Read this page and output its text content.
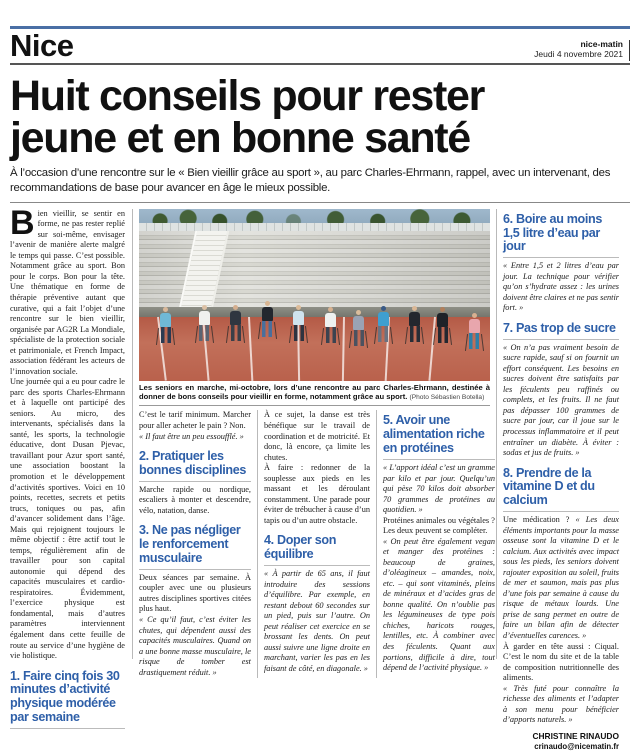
Nice	nice-matin
Jeudi 4 novembre 2021
Huit conseils pour rester
jeune et en bonne santé
À l’occasion d’une rencontre sur le « Bien vieillir grâce au sport », au parc Charles-Ehrmann, rappel, avec un intervenant, des recommandations de base pour avancer en âge le mieux possible.

Bien vieillir, se sentir en forme, ne pas rester replié sur soi-même, envisager l’avenir de manière alerte malgré le temps qui passe. C’est possible. Notamment grâce au sport. Bon pour le corps. Bon pour la tête. Une thématique en forme de thérapie préventive autant que curative, qui a fait l’objet d’une rencontre sur le bien vieillir, organisée par AG2R La Mondiale, spécialiste de la protection sociale et patrimoniale, et French Impact, association fédérant les acteurs de l’innovation sociale.

Une journée qui a eu pour cadre le parc des sports Charles-Ehrmann et à laquelle ont participé des seniors. Au micro, des intervenants, spécialisés dans la santé, les sports, la technologie éducative, dont Dusan Pjevac, travaillant pour Azur sport santé, une association boostant la promotion et le développement d’activités sportives. Voici en 10 points, recettes, secrets et petits trucs, toniques ou pas, afin d’avancer solidement dans l’âge. Mais qui rejoignent toujours le même objectif : être actif tout le temps, régulièrement afin de travailler pour son capital autonomie qui dépend des capacités musculaires et cardio-respiratoires. Évidemment, l’exercice physique est fondamental, mais d’autres paramètres interviennent également dans cette feuille de route au service d’une hygiène de vie holistique.

1. Faire cinq fois 30 minutes d’activité physique modérée par semaine
Les seniors en marche, mi-octobre, lors d’une rencontre au parc Charles-Ehrmann, destinée à donner de bons conseils pour vieillir en forme, notamment grâce au sport. (Photo Sébastien Botella)

C’est le tarif minimum. Marcher pour aller acheter le pain ? Non.

« Il faut être un peu essoufflé. »

2. Pratiquer les bonnes disciplines

Marche rapide ou nordique, escaliers à monter et descendre, vélo, natation, danse.

3. Ne pas négliger le renforcement musculaire

Deux séances par semaine. À coupler avec une ou plusieurs autres disciplines sportives citées plus haut.

« Ce qu’il faut, c’est éviter les chutes, qui dépendent aussi des capacités musculaires. Quand on a une bonne masse musculaire, le risque de tomber est drastiquement réduit. »

À ce sujet, la danse est très bénéfique sur le travail de coordination et de motricité. Et donc, là encore, ça limite les chutes.

À faire : redonner de la souplesse aux pieds en les massant et les déroulant constamment. Une parade pour éviter de trébucher à cause d’un tapis ou d’un autre obstacle.

4. Doper son équilibre

« À partir de 65 ans, il faut introduire des sessions d’équilibre. Par exemple, en restant debout 60 secondes sur un pied, puis sur l’autre. On peut réaliser cet exercice en se brossant les dents. On peut aussi suivre une ligne droite en marchant, varier les pas en les faisant de côté, en diagonale. »

5. Avoir une alimentation riche en protéines

« L’apport idéal c’est un gramme par kilo et par jour. Quelqu’un qui pèse 70 kilos doit absorber 70 grammes de protéines au quotidien. »

Protéines animales ou végétales ? Les deux peuvent se compléter.

« On peut être également vegan et manger des protéines : beaucoup de graines, d’oléagineux – amandes, noix, etc. – qui sont vitaminés, pleins de minéraux et d’acides gras de bonne qualité. On n’oublie pas les légumineuses de type pois chiches, haricots rouges, lentilles, etc. À combiner avec des féculents. Quant aux portions, difficile à dire, tout dépend de l’activité physique. »

6. Boire au moins 1,5 litre d’eau par jour

« Entre 1,5 et 2 litres d’eau par jour. La technique pour vérifier qu’on s’hydrate assez : les urines doivent être claires et ne pas sentir fort. »

7. Pas trop de sucre

« On n’a pas vraiment besoin de sucre rapide, sauf si on fournit un effort conséquent. Les besoins en sucres doivent être satisfaits par les féculents peu raffinés ou complets, et les fruits. Il ne faut pas dépasser 100 grammes de sucre par jour, car il joue sur le processus inflammatoire et il peut entraîner un diabète. À éviter : sodas et jus de fruits. »

8. Prendre de la vitamine D et du calcium

Une médication ? « Les deux éléments importants pour la masse osseuse sont la vitamine D et le calcium. Aux activités avec impact sous les pieds, les seniors doivent rajouter exposition au soleil, fruits de mer et saumon, mais pas plus d’une fois par semaine à cause du risque de métaux lourds. Une prise de sang permet en outre de faire un bilan afin de détecter d’éventuelles carences. »

À garder en tête aussi : Ciqual. C’est le nom du site et de la table de composition nutritionnelle des aliments.

« Très futé pour connaître la richesse des aliments et l’adapter à son menu pour bénéficier d’apports naturels. »

CHRISTINE RINAUDO
crinaudo@nicematin.fr
